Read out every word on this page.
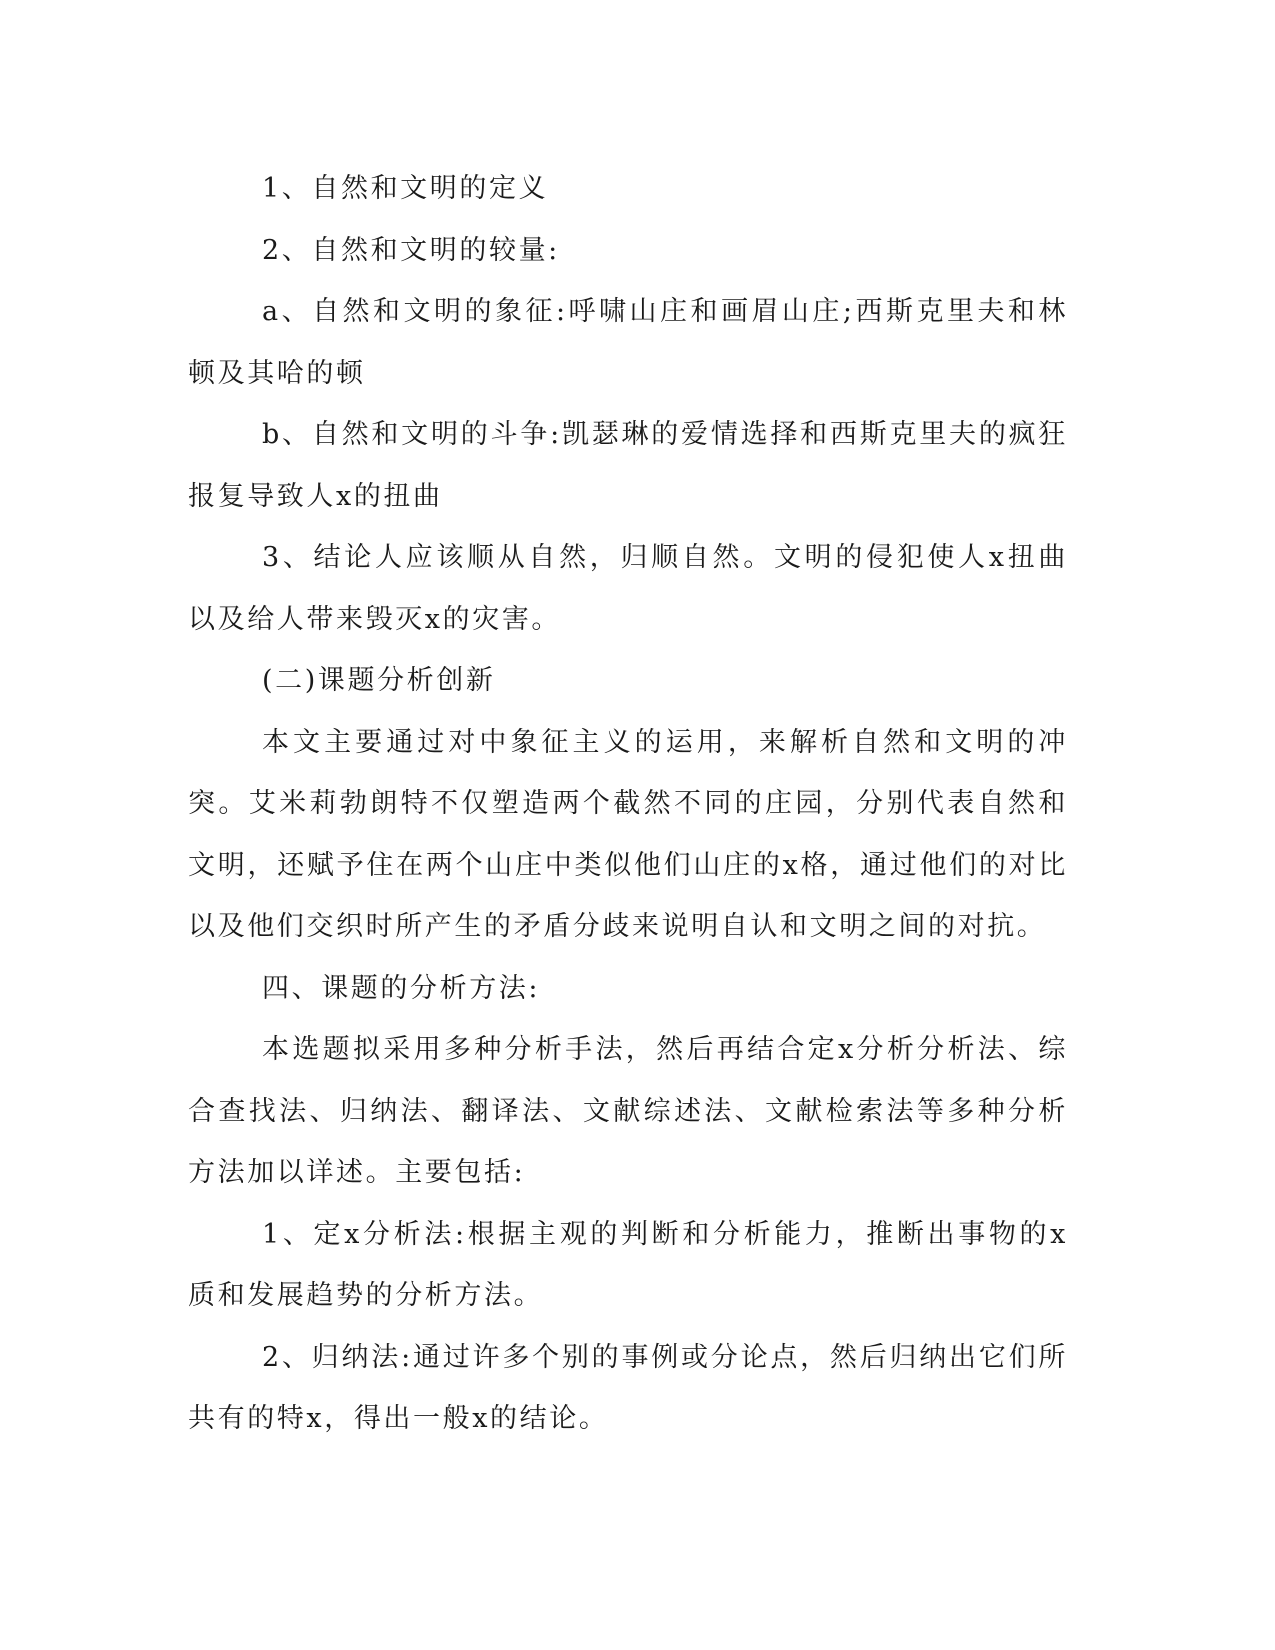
1、自然和文明的定义

2、自然和文明的较量:

a、自然和文明的象征:呼啸山庄和画眉山庄;西斯克里夫和林顿及其哈的顿

b、自然和文明的斗争:凯瑟琳的爱情选择和西斯克里夫的疯狂报复导致人x的扭曲

3、结论人应该顺从自然，归顺自然。文明的侵犯使人x扭曲以及给人带来毁灭x的灾害。

(二)课题分析创新

本文主要通过对中象征主义的运用，来解析自然和文明的冲突。艾米莉勃朗特不仅塑造两个截然不同的庄园，分别代表自然和文明，还赋予住在两个山庄中类似他们山庄的x格，通过他们的对比以及他们交织时所产生的矛盾分歧来说明自认和文明之间的对抗。

四、课题的分析方法:

本选题拟采用多种分析手法，然后再结合定x分析分析法、综合查找法、归纳法、翻译法、文献综述法、文献检索法等多种分析方法加以详述。主要包括:

1、定x分析法:根据主观的判断和分析能力，推断出事物的x质和发展趋势的分析方法。

2、归纳法:通过许多个别的事例或分论点，然后归纳出它们所共有的特x，得出一般x的结论。
